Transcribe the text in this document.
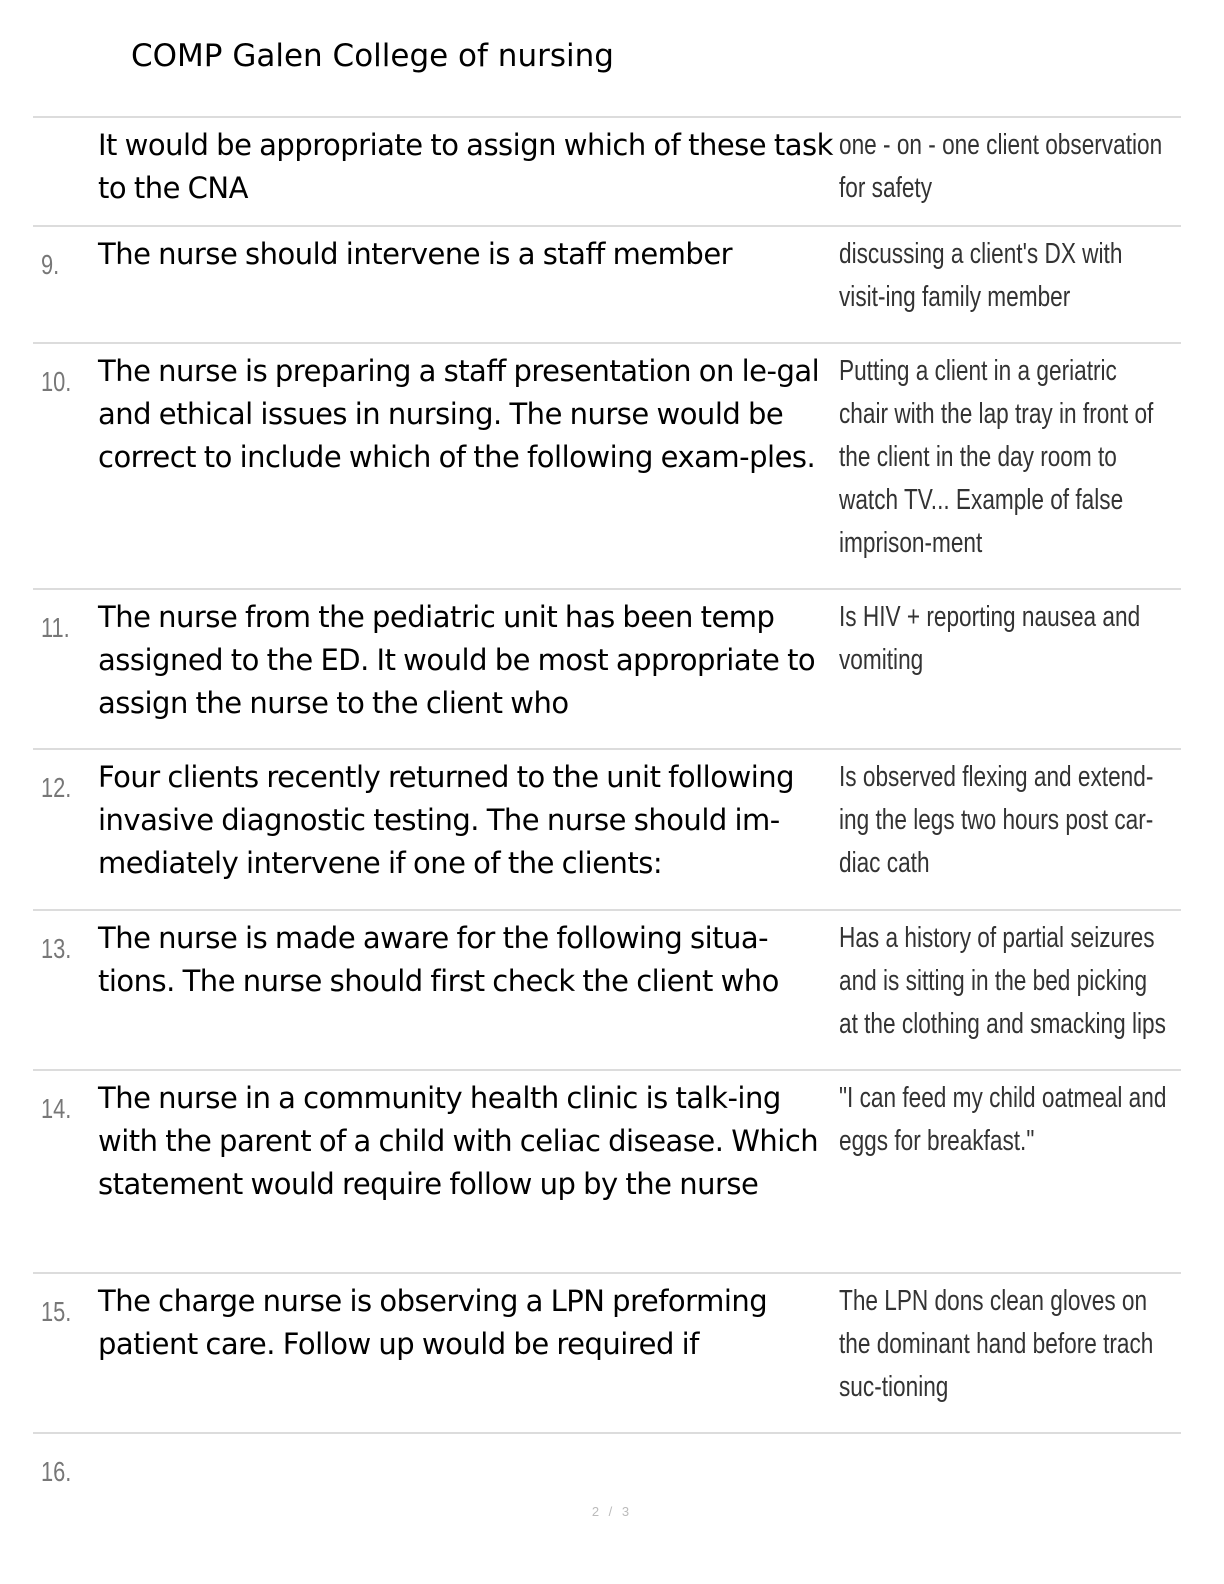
COMP Galen College of nursing
It would be appropriate to assign which of these task to the CNA
one - on - one client observation for safety
9. The nurse should intervene is a staff member	discussing a client's DX with visit-ing family member
10. The nurse is preparing a staff presentation on le-gal and ethical issues in nursing. The nurse would be correct to include which of the following exam-ples.
Putting a client in a geriatric chair with the lap tray in front of the client in the day room to watch TV... Example of false imprison-ment
11. The nurse from the pediatric unit has been temp assigned to the ED. It would be most appropriate to assign the nurse to the client who
Is HIV + reporting nausea and vomiting
12. Four clients recently returned to the unit following invasive diagnostic testing. The nurse should im-mediately intervene if one of the clients:
Is observed flexing and extend-ing the legs two hours post car-diac cath
13. The nurse is made aware for the following situa-tions. The nurse should first check the client who
Has a history of partial seizures and is sitting in the bed picking at the clothing and smacking lips
14. The nurse in a community health clinic is talk-ing with the parent of a child with celiac disease. Which statement would require follow up by the nurse
"I can feed my child oatmeal and eggs for breakfast."
15. The charge nurse is observing a LPN preforming patient care. Follow up would be required if
The LPN dons clean gloves on the dominant hand before trach suc-tioning
16.
2 / 3
